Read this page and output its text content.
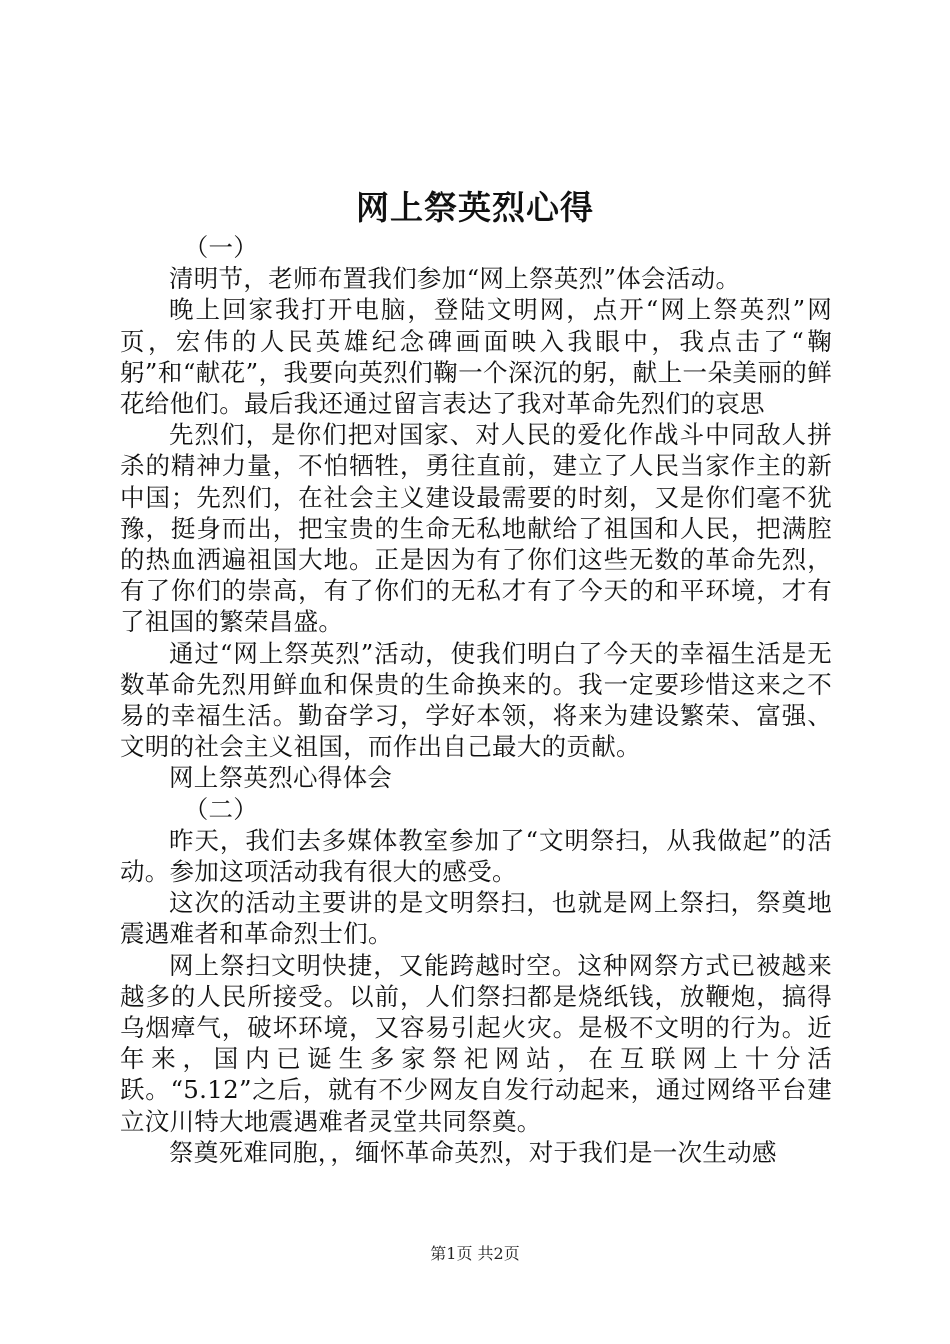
网上祭英烈心得

（一）

清明节，老师布置我们参加“网上祭英烈”体会活动。

晚上回家我打开电脑，登陆文明网，点开“网上祭英烈”网页，宏伟的人民英雄纪念碑画面映入我眼中，我点击了“鞠躬”和“献花”，我要向英烈们鞠一个深沉的躬，献上一朵美丽的鲜花给他们。最后我还通过留言表达了我对革命先烈们的哀思

先烈们，是你们把对国家、对人民的爱化作战斗中同敌人拼杀的精神力量，不怕牺牲，勇往直前，建立了人民当家作主的新中国；先烈们，在社会主义建设最需要的时刻，又是你们毫不犹豫，挺身而出，把宝贵的生命无私地献给了祖国和人民，把满腔的热血洒遍祖国大地。正是因为有了你们这些无数的革命先烈，有了你们的崇高，有了你们的无私才有了今天的和平环境，才有了祖国的繁荣昌盛。

通过“网上祭英烈”活动，使我们明白了今天的幸福生活是无数革命先烈用鲜血和保贵的生命换来的。我一定要珍惜这来之不易的幸福生活。勤奋学习，学好本领，将来为建设繁荣、富强、文明的社会主义祖国，而作出自己最大的贡献。

网上祭英烈心得体会

（二）

昨天，我们去多媒体教室参加了“文明祭扫，从我做起”的活动。参加这项活动我有很大的感受。

这次的活动主要讲的是文明祭扫，也就是网上祭扫，祭奠地震遇难者和革命烈士们。

网上祭扫文明快捷，又能跨越时空。这种网祭方式已被越来越多的人民所接受。以前，人们祭扫都是烧纸钱，放鞭炮，搞得乌烟瘴气，破坏环境，又容易引起火灾。是极不文明的行为。近年来，国内已诞生多家祭祀网站，在互联网上十分活跃。“5.12”之后，就有不少网友自发行动起来，通过网络平台建立汶川特大地震遇难者灵堂共同祭奠。

祭奠死难同胞，，缅怀革命英烈，对于我们是一次生动感

第1页 共2页
